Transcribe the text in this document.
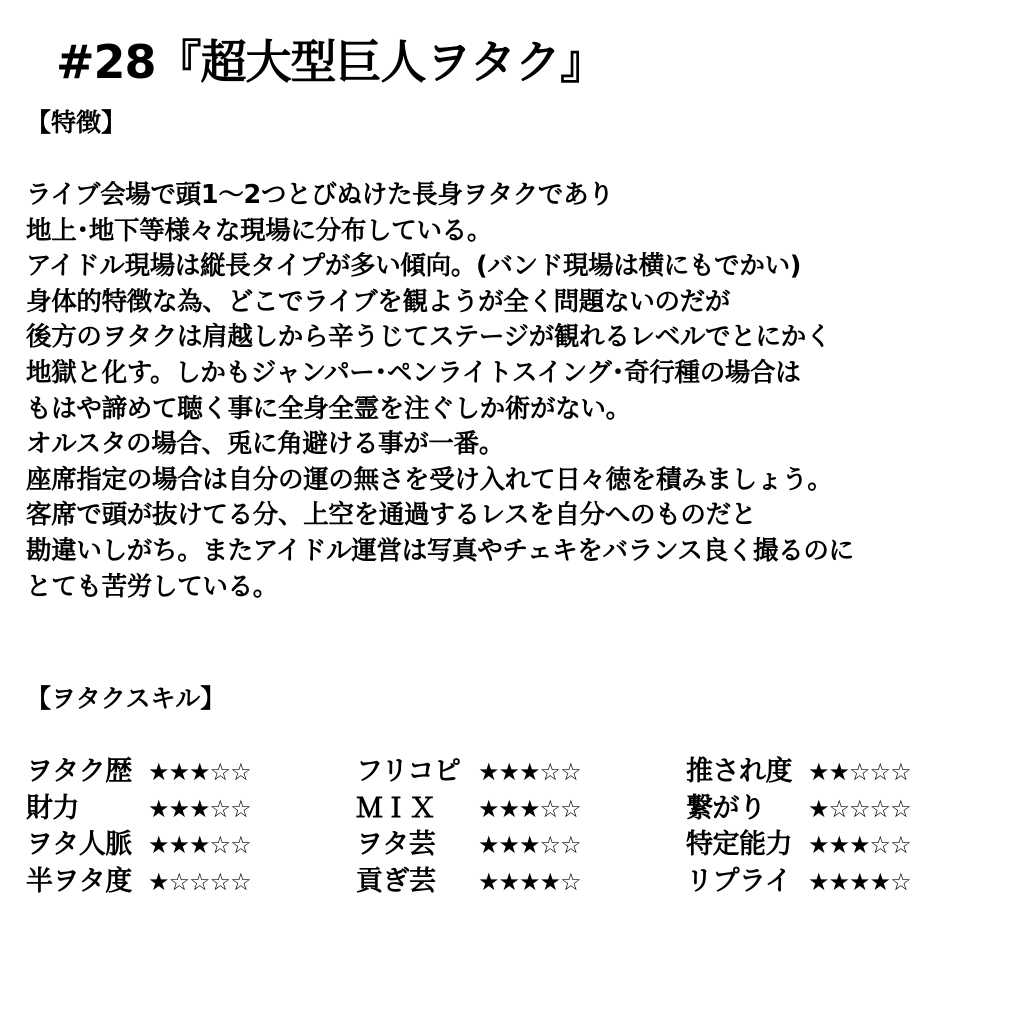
#28『超大型巨人ヲタク』
【特徴】
ライブ会場で頭1～2つとびぬけた長身ヲタクであり
地上･地下等様々な現場に分布している。
アイドル現場は縦長タイプが多い傾向。(バンド現場は横にもでかい)
身体的特徴な為、どこでライブを観ようが全く問題ないのだが
後方のヲタクは肩越しから辛うじてステージが観れるレベルでとにかく
地獄と化す。しかもジャンパー･ペンライトスイング･奇行種の場合は
もはや諦めて聴く事に全身全霊を注ぐしか術がない。
オルスタの場合、兎に角避ける事が一番。
座席指定の場合は自分の運の無さを受け入れて日々徳を積みましょう。
客席で頭が抜けてる分、上空を通過するレスを自分へのものだと
勘違いしがち。またアイドル運営は写真やチェキをバランス良く撮るのに
とても苦労している。
【ヲタクスキル】
ヲタク歴 ★★★☆☆
財力	★★★☆☆
ヲタ人脈 ★★★☆☆
半ヲタ度 ★☆☆☆☆
フリコピ ★★★☆☆
ＭＩＸ ★★★☆☆
ヲタ芸 ★★★☆☆
貢ぎ芸 ★★★★☆
推され度 ★★☆☆☆
繋がり ★☆☆☆☆
特定能力 ★★★☆☆
リプライ ★★★★☆
